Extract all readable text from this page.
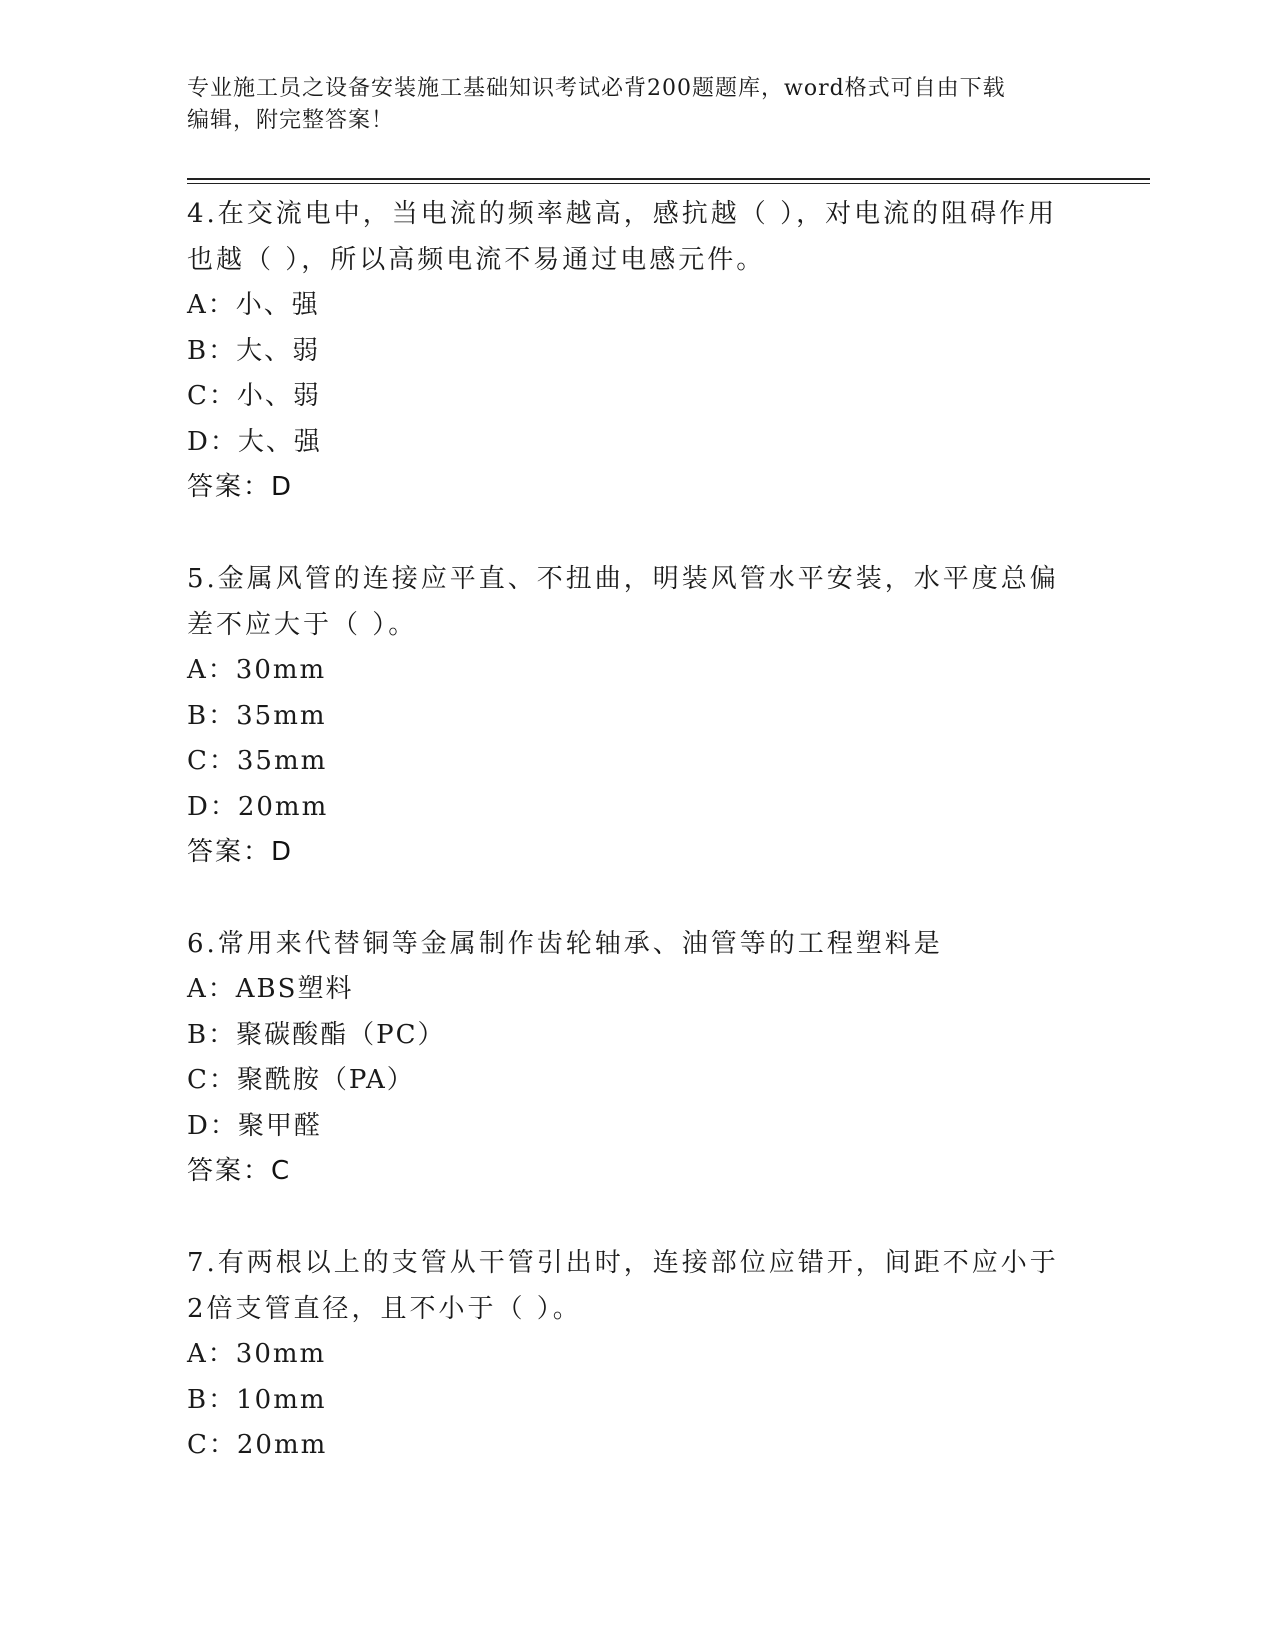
专业施工员之设备安装施工基础知识考试必背200题题库，word格式可自由下载
编辑，附完整答案！

4.在交流电中，当电流的频率越高，感抗越（ ），对电流的阻碍作用

也越（ ），所以高频电流不易通过电感元件。

A：小、强

B：大、弱

C：小、弱

D：大、强

答案：D

5.金属风管的连接应平直、不扭曲，明装风管水平安装，水平度总偏

差不应大于（ ）。

A：30mm

B：35mm

C：35mm

D：20mm

答案：D

6.常用来代替铜等金属制作齿轮轴承、油管等的工程塑料是

A：ABS塑料

B：聚碳酸酯（PC）

C：聚酰胺（PA）

D：聚甲醛

答案：C

7.有两根以上的支管从干管引出时，连接部位应错开，间距不应小于

2倍支管直径，且不小于（ ）。

A：30mm

B：10mm

C：20mm
